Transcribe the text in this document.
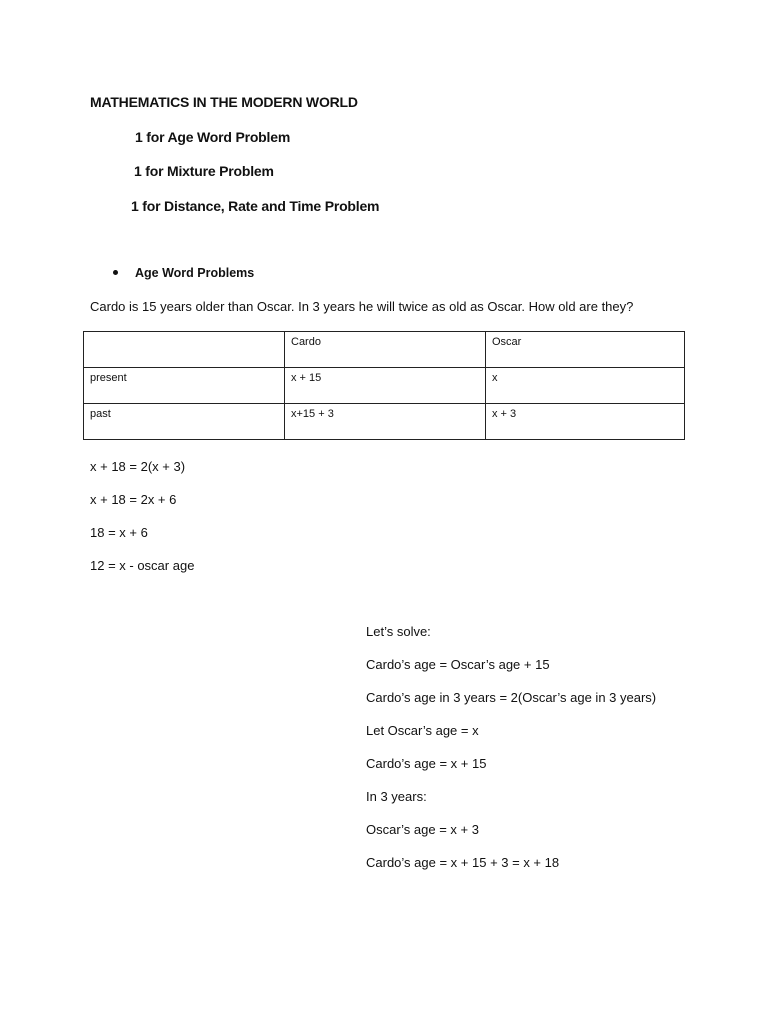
MATHEMATICS IN THE MODERN WORLD
1 for Age Word Problem
1 for Mixture Problem
1 for Distance, Rate and Time Problem
Age Word Problems
Cardo is 15 years older than Oscar. In 3 years he will twice as old as Oscar. How old are they?
	Cardo	Oscar
present	x + 15	x
past	x+15 + 3	x + 3
x + 18 = 2(x + 3)
x + 18 = 2x + 6
18 = x + 6
12 = x - oscar age
Let’s solve:
Cardo’s age = Oscar’s age + 15
Cardo’s age in 3 years = 2(Oscar’s age in 3 years)
Let Oscar’s age = x
Cardo’s age = x + 15
In 3 years:
Oscar’s age = x + 3
Cardo’s age = x + 15 + 3 = x + 18
